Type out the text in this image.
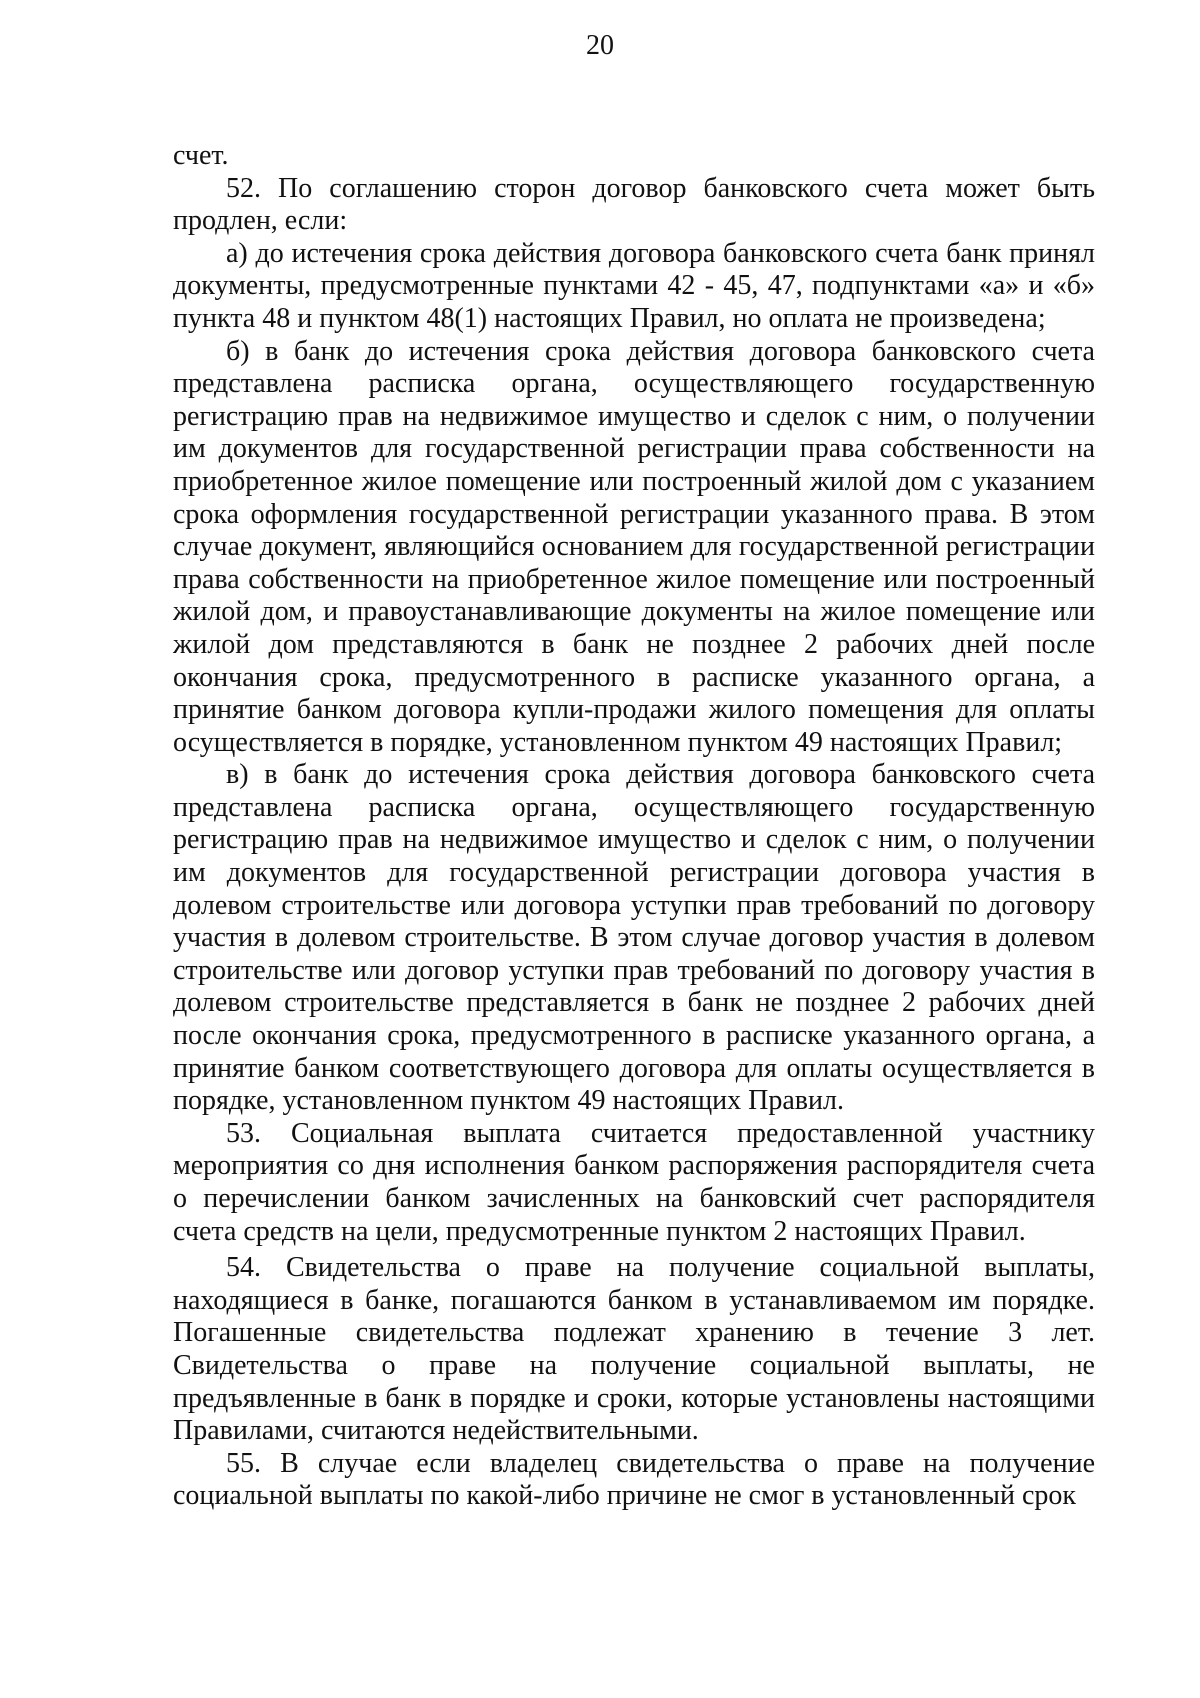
20

счет.

52. По соглашению сторон договор банковского счета может быть продлен, если:

а) до истечения срока действия договора банковского счета банк принял документы, предусмотренные пунктами 42 - 45, 47, подпунктами «а» и «б» пункта 48 и пунктом 48(1) настоящих Правил, но оплата не произведена;

б) в банк до истечения срока действия договора банковского счета представлена расписка органа, осуществляющего государственную регистрацию прав на недвижимое имущество и сделок с ним, о получении им документов для государственной регистрации права собственности на приобретенное жилое помещение или построенный жилой дом с указанием срока оформления государственной регистрации указанного права. В этом случае документ, являющийся основанием для государственной регистрации права собственности на приобретенное жилое помещение или построенный жилой дом, и правоустанавливающие документы на жилое помещение или жилой дом представляются в банк не позднее 2 рабочих дней после окончания срока, предусмотренного в расписке указанного органа, а принятие банком договора купли-продажи жилого помещения для оплаты осуществляется в порядке, установленном пунктом 49 настоящих Правил;

в) в банк до истечения срока действия договора банковского счета представлена расписка органа, осуществляющего государственную регистрацию прав на недвижимое имущество и сделок с ним, о получении им документов для государственной регистрации договора участия в долевом строительстве или договора уступки прав требований по договору участия в долевом строительстве. В этом случае договор участия в долевом строительстве или договор уступки прав требований по договору участия в долевом строительстве представляется в банк не позднее 2 рабочих дней после окончания срока, предусмотренного в расписке указанного органа, а принятие банком соответствующего договора для оплаты осуществляется в порядке, установленном пунктом 49 настоящих Правил.

53. Социальная выплата считается предоставленной участнику мероприятия со дня исполнения банком распоряжения распорядителя счета о перечислении банком зачисленных на банковский счет распорядителя счета средств на цели, предусмотренные пунктом 2 настоящих Правил.

54. Свидетельства о праве на получение социальной выплаты, находящиеся в банке, погашаются банком в устанавливаемом им порядке. Погашенные свидетельства подлежат хранению в течение 3 лет. Свидетельства о праве на получение социальной выплаты, не предъявленные в банк в порядке и сроки, которые установлены настоящими Правилами, считаются недействительными.

55. В случае если владелец свидетельства о праве на получение социальной выплаты по какой-либо причине не смог в установленный срок
